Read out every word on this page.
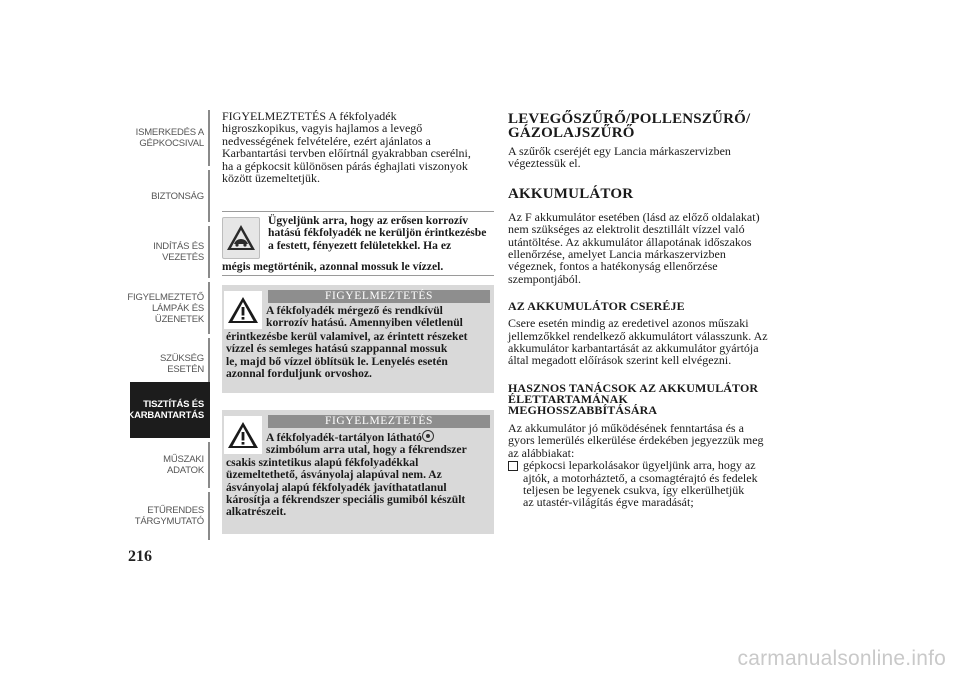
ISMERKEDÉS A
GÉPKOCSIVAL
BIZTONSÁG
INDÍTÁS ÉS
VEZETÉS
FIGYELMEZTETŐ
LÁMPÁK ÉS
ÜZENETEK
SZÜKSÉG ESETÉN
TISZTÍTÁS ÉS
KARBANTARTÁS
MŰSZAKI ADATOK
ETŰRENDES
TÁRGYMUTATÓ
216

FIGYELMEZTETÉS A fékfolyadék
higroszkopikus, vagyis hajlamos a levegő
nedvességének felvételére, ezért ajánlatos a
Karbantartási tervben előírtnál gyakrabban cserélni,
ha a gépkocsit különösen párás éghajlati viszonyok
között üzemeltetjük.

Ügyeljünk arra, hogy az erősen korrozív
hatású fékfolyadék ne kerüljön érintkezésbe
a festett, fényezett felületekkel. Ha ez
mégis megtörténik, azonnal mossuk le vízzel.
FIGYELMEZTETÉS
A fékfolyadék mérgező és rendkívül
korrozív hatású. Amennyiben véletlenül
érintkezésbe kerül valamivel, az érintett részeket
vízzel és semleges hatású szappannal mossuk
le, majd bő vízzel öblítsük le. Lenyelés esetén
azonnal forduljunk orvoshoz.
FIGYELMEZTETÉS
A fékfolyadék-tartályon látható
szimbólum arra utal, hogy a fékrendszer
csakis szintetikus alapú fékfolyadékkal
üzemeltethető, ásványolaj alapúval nem. Az
ásványolaj alapú fékfolyadék javíthatatlanul
károsítja a fékrendszer speciális gumiból készült
alkatrészeit.
LEVEGŐSZŰRŐ/POLLENSZŰRŐ/
GÁZOLAJSZŰRŐ

A szűrők cseréjét egy Lancia márkaszervizben
végeztessük el.

AKKUMULÁTOR

Az F akkumulátor esetében (lásd az előző oldalakat)
nem szükséges az elektrolit desztillált vízzel való
utántöltése. Az akkumulátor állapotának időszakos
ellenőrzése, amelyet Lancia márkaszervizben
végeznek, fontos a hatékonyság ellenőrzése
szempontjából.

AZ AKKUMULÁTOR CSERÉJE

Csere esetén mindig az eredetivel azonos műszaki
jellemzőkkel rendelkező akkumulátort válasszunk. Az
akkumulátor karbantartását az akkumulátor gyártója
által megadott előírások szerint kell elvégezni.

HASZNOS TANÁCSOK AZ AKKUMULÁTOR
ÉLETTARTAMÁNAK
MEGHOSSZABBÍTÁSÁRA

Az akkumulátor jó működésének fenntartása és a
gyors lemerülés elkerülése érdekében jegyezzük meg
az alábbiakat:

gépkocsi leparkolásakor ügyeljünk arra, hogy az
ajtók, a motorháztető, a csomagtérajtó és fedelek
teljesen be legyenek csukva, így elkerülhetjük
az utastér-világítás égve maradását;
carmanualsonline.info
